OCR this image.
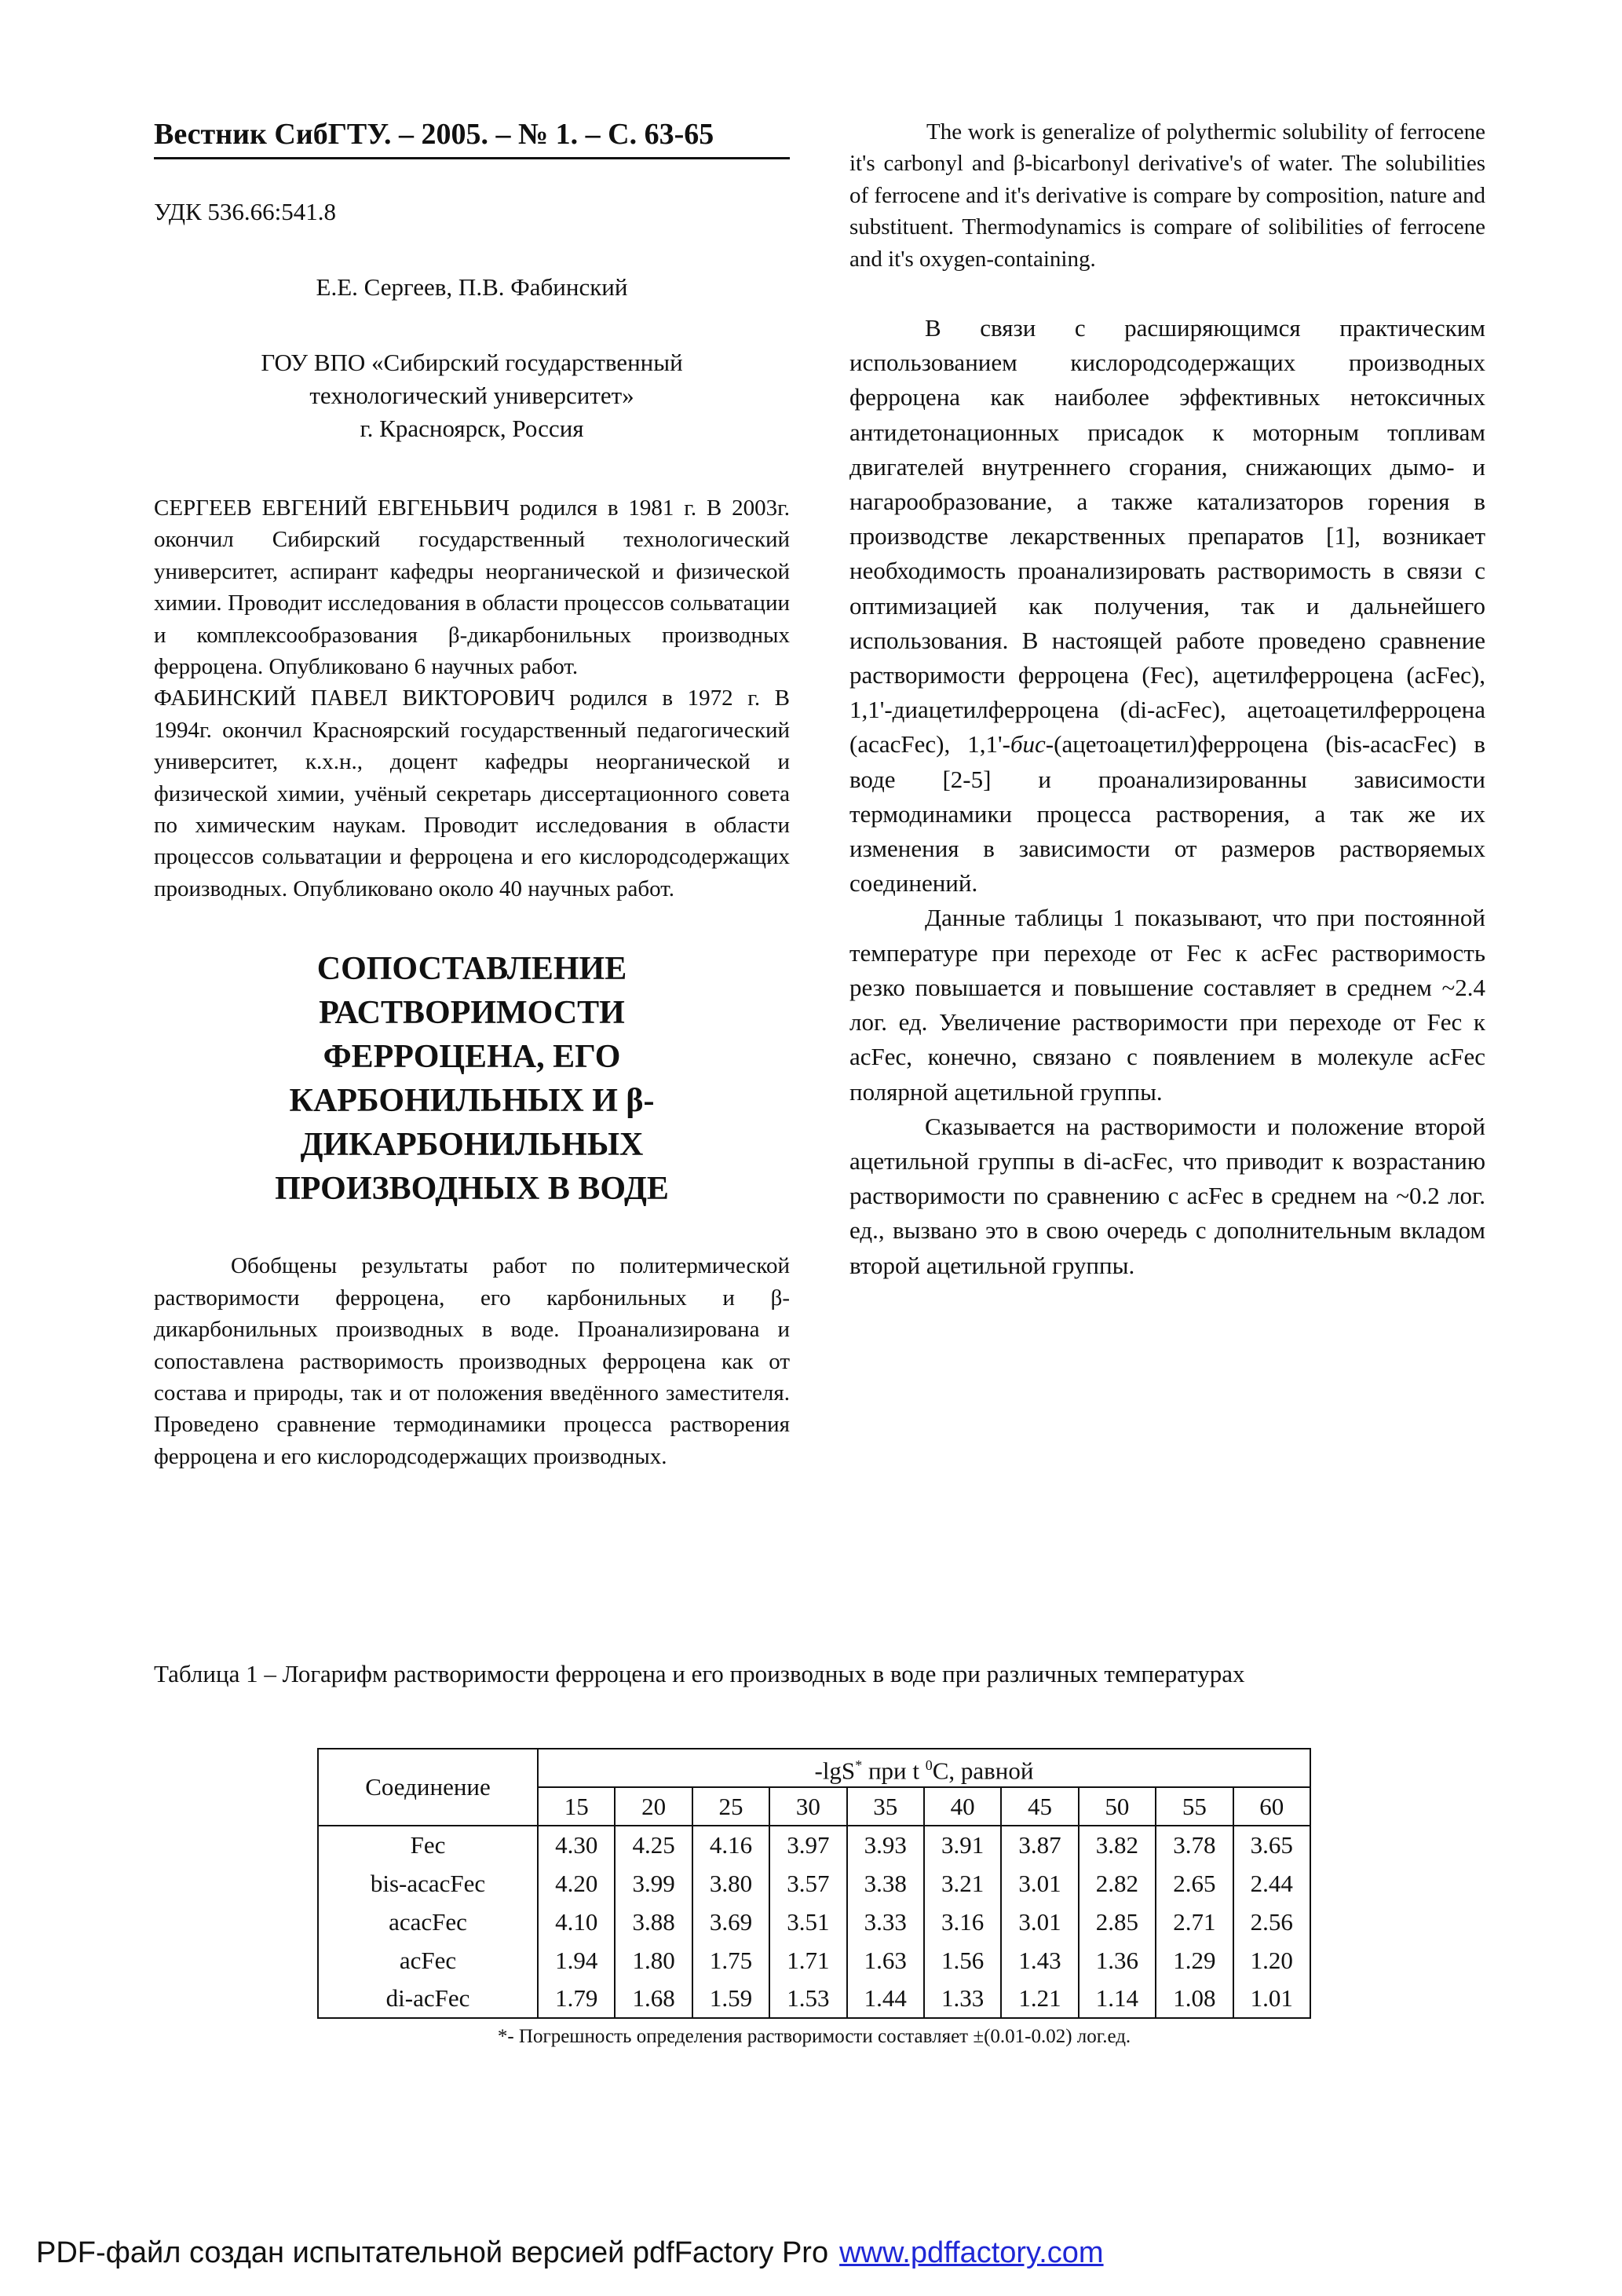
Вестник СибГТУ. – 2005. – № 1. – С. 63-65
УДК 536.66:541.8
Е.Е. Сергеев, П.В. Фабинский
ГОУ ВПО «Сибирский государственный
технологический университет»
г. Красноярск, Россия

СЕРГЕЕВ ЕВГЕНИЙ ЕВГЕНЬВИЧ родился в 1981 г. В 2003г. окончил Сибирский государственный технологический университет, аспирант кафедры неорганической и физической химии. Проводит исследования в области процессов сольватации и комплексообразования β-дикарбонильных производных ферроцена. Опубликовано 6 научных работ.

ФАБИНСКИЙ ПАВЕЛ ВИКТОРОВИЧ родился в 1972 г. В 1994г. окончил Красноярский государственный педагогический университет, к.х.н., доцент кафедры неорганической и физической химии, учёный секретарь диссертационного совета по химическим наукам. Проводит исследования в области процессов сольватации и ферроцена и его кислородсодержащих производных. Опубликовано около 40 научных работ.

СОПОСТАВЛЕНИЕ
РАСТВОРИМОСТИ
ФЕРРОЦЕНА, ЕГО
КАРБОНИЛЬНЫХ И β-
ДИКАРБОНИЛЬНЫХ
ПРОИЗВОДНЫХ В ВОДЕ

Обобщены результаты работ по политермической растворимости ферроцена, его карбонильных и β-дикарбонильных производных в воде. Проанализирована и сопоставлена растворимость производных ферроцена как от состава и природы, так и от положения введённого заместителя. Проведено сравнение термодинамики процесса растворения ферроцена и его кислородсодержащих производных.

The work is generalize of polythermic solubility of ferrocene it's carbonyl and β-bicarbonyl derivative's of water. The solubilities of ferrocene and it's derivative is compare by composition, nature and substituent. Thermodynamics is compare of solibilities of ferrocene and it's oxygen-containing.

В связи с расширяющимся практическим использованием кислородсодержащих производных ферроцена как наиболее эффективных нетоксичных антидетонационных присадок к моторным топливам двигателей внутреннего сгорания, снижающих дымо- и нагарообразование, а также катализаторов горения в производстве лекарственных препаратов [1], возникает необходимость проанализировать растворимость в связи с оптимизацией как получения, так и дальнейшего использования. В настоящей работе проведено сравнение растворимости ферроцена (Fec), ацетилферроцена (acFec), 1,1'-диацетилферроцена (di-acFec), ацетоацетилферроцена (acacFec), 1,1'-бис-(ацетоацетил)ферроцена (bis-acacFec) в воде [2-5] и проанализированны зависимости термодинамики процесса растворения, а так же их изменения в зависимости от размеров растворяемых соединений.

Данные таблицы 1 показывают, что при постоянной температуре при переходе от Fec к acFec растворимость резко повышается и повышение составляет в среднем ~2.4 лог. ед. Увеличение растворимости при переходе от Fec к acFec, конечно, связано с появлением в молекуле acFec полярной ацетильной группы.

Сказывается на растворимости и положение второй ацетильной группы в di-acFec, что приводит к возрастанию растворимости по сравнению с acFec в среднем на ~0.2 лог. ед., вызвано это в свою очередь с дополнительным вкладом второй ацетильной группы.

Таблица 1 – Логарифм растворимости ферроцена и его производных в воде при различных температурах
Соединение	-lgS* при t $^0$С, равной									
	15	20	25	30	35	40	45	50	55	60
Fec	4.30	4.25	4.16	3.97	3.93	3.91	3.87	3.82	3.78	3.65
bis-acacFec	4.20	3.99	3.80	3.57	3.38	3.21	3.01	2.82	2.65	2.44
acacFec	4.10	3.88	3.69	3.51	3.33	3.16	3.01	2.85	2.71	2.56
acFec	1.94	1.80	1.75	1.71	1.63	1.56	1.43	1.36	1.29	1.20
di-acFec	1.79	1.68	1.59	1.53	1.44	1.33	1.21	1.14	1.08	1.01
*- Погрешность определения растворимости составляет ±(0.01-0.02) лог.ед.
PDF-файл создан испытательной версией pdfFactory Pro www.pdffactory.com
